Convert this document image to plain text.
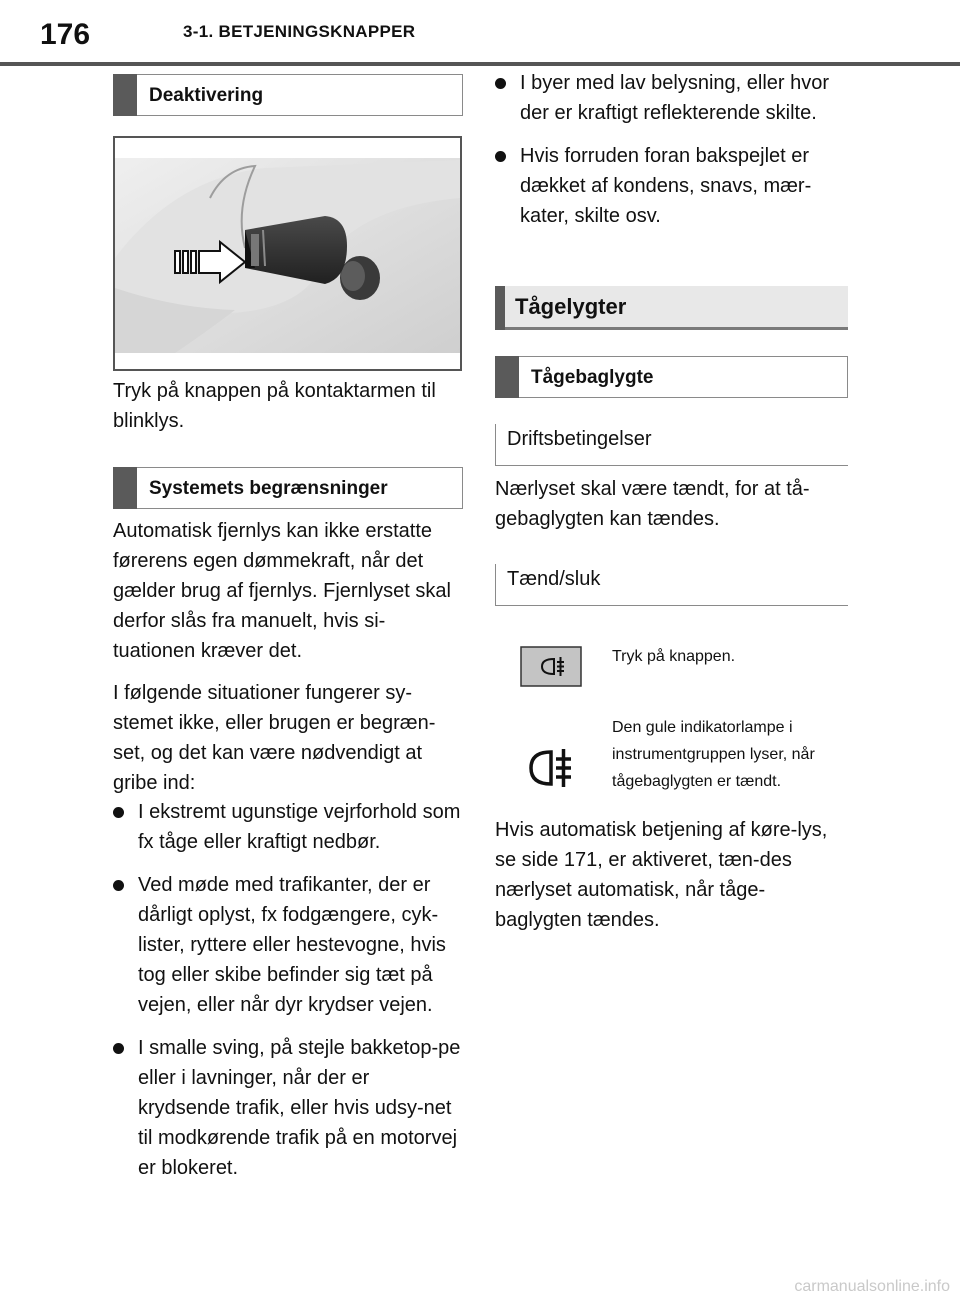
176	3-1. BETJENINGSKNAPPER
Deaktivering
Tryk på knappen på kontaktarmen til blinklys.
Systemets begrænsninger
Automatisk fjernlys kan ikke erstatte førerens egen dømmekraft, når det gælder brug af fjernlys. Fjernlyset skal derfor slås fra manuelt, hvis si-tuationen kræver det.
I følgende situationer fungerer sy-stemet ikke, eller brugen er begræn-set, og det kan være nødvendigt at gribe ind:
I ekstremt ugunstige vejrforhold som fx tåge eller kraftigt nedbør.
Ved møde med trafikanter, der er dårligt oplyst, fx fodgængere, cyk-lister, ryttere eller hestevogne, hvis tog eller skibe befinder sig tæt på vejen, eller når dyr krydser vejen.
I smalle sving, på stejle bakketop-pe eller i lavninger, når der er krydsende trafik, eller hvis udsy-net til modkørende trafik på en motorvej er blokeret.
I byer med lav belysning, eller hvor der er kraftigt reflekterende skilte.
Hvis forruden foran bakspejlet er dækket af kondens, snavs, mær-kater, skilte osv.
Tågelygter
Tågebaglygte
Driftsbetingelser
Nærlyset skal være tændt, for at tå-gebaglygten kan tændes.
Tænd/sluk
Tryk på knappen.
Den gule indikatorlampe i instrumentgruppen lyser, når tågebaglygten er tændt.
Hvis automatisk betjening af køre-lys, se side 171, er aktiveret, tæn-des nærlyset automatisk, når tåge-baglygten tændes.
carmanualsonline.info
